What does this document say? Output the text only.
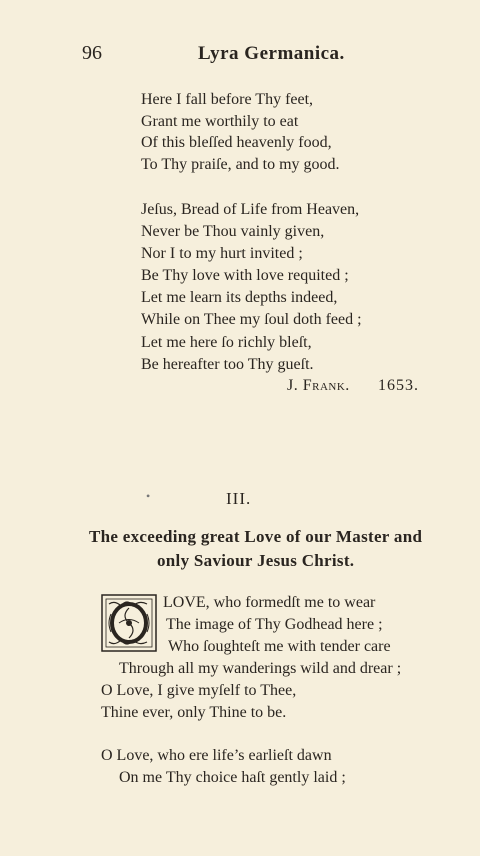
96	Lyra Germanica.
Here I fall before Thy feet,
Grant me worthily to eat
Of this bleſſed heavenly food,
To Thy praiſe, and to my good.
Jeſus, Bread of Life from Heaven,
Never be Thou vainly given,
Nor I to my hurt invited ;
Be Thy love with love requited ;
Let me learn its depths indeed,
While on Thee my ſoul doth feed ;
Let me here ſo richly bleſt,
Be hereafter too Thy gueſt.
J. Frank. 1653.
•	III.
The exceeding great Love of our Master and
only Saviour Jesus Christ.
LOVE, who formedſt me to wear
The image of Thy Godhead here ;
Who ſoughteſt me with tender care
Through all my wanderings wild and drear ;
O Love, I give myſelf to Thee,
Thine ever, only Thine to be.
O Love, who ere life’s earlieſt dawn
On me Thy choice haſt gently laid ;
